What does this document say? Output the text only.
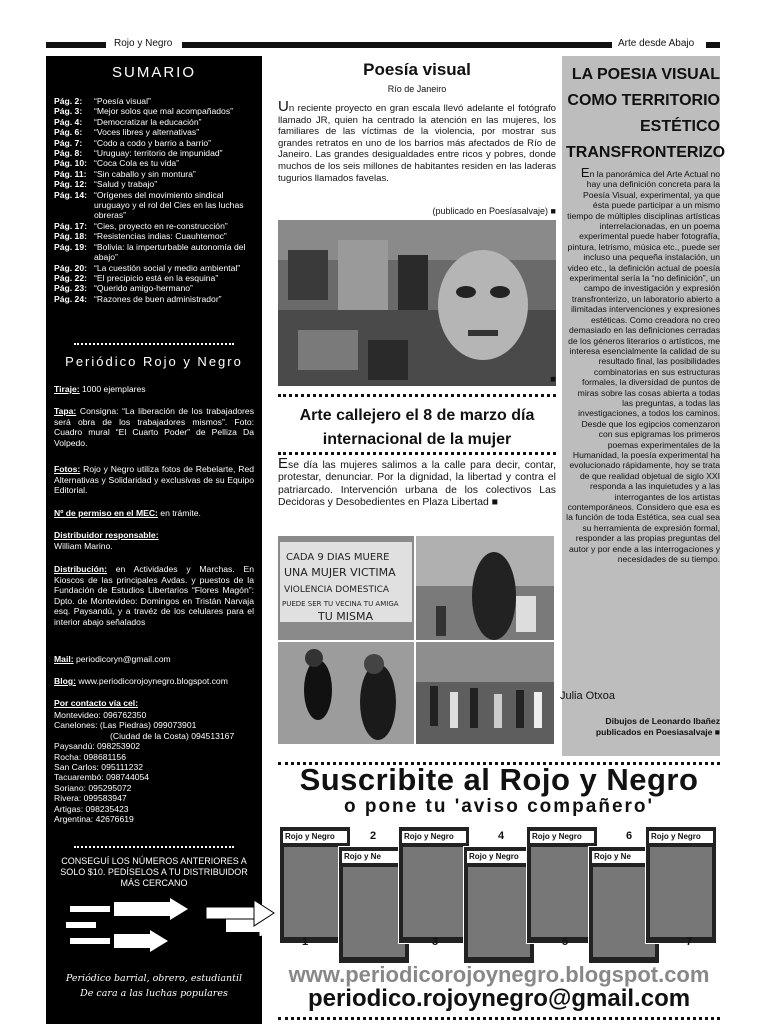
Rojo y Negro	Arte desde Abajo
SUMARIO
Pág. 2:	“Poesía visual”
Pág. 3:	“Mejor solos que mal acompañados”
Pág. 4:	“Democratizar la educación”
Pág. 6:	“Voces libres y alternativas”
Pág. 7:	“Codo a codo y barrio a barrio”
Pág. 8:	“Uruguay: territorio de impunidad”
Pág. 10: “Coca Cola es tu vida”
Pág. 11: “Sin caballo y sin montura”
Pág. 12: “Salud y trabajo”
Pág. 14: “Orígenes del movimiento sindical uruguayo y el rol del Cies en las luchas obreras”
Pág. 17: “Cies, proyecto en re-construcción”
Pág. 18: “Resistencias indias: Cuauhtemoc”
Pág. 19: “Bolivia: la imperturbable autonomía del abajo”
Pág. 20: “La cuestión social y medio ambiental”
Pág. 22: “El precipicio está en la esquina”
Pág. 23: “Querido amigo-hermano”
Pág. 24: “Razones de buen administrador”
Periódico Rojo y Negro
Tiraje: 1000 ejemplares
Tapa: Consigna: “La liberación de los trabajadores será obra de los trabajadores mismos”. Foto: Cuadro mural “El Cuarto Poder” de Pelliza Da Volpedo.
Fotos: Rojo y Negro utiliza fotos de Rebelarte, Red Alternativas y Solidaridad y exclusivas de su Equipo Editorial.
Nº de permiso en el MEC: en trámite.
Distribuidor responsable:
William Marino.
Distribución: en Actividades y Marchas. En Kioscos de las principales Avdas. y puestos de la Fundación de Estudios Libertarios “Flores Magón”: Dpto. de Montevideo: Domingos en Tristán Narvaja esq. Paysandú, y a travéz de los celulares para el interior abajo señalados
Mail: periodicoryn@gmail.com
Blog: www.periodicorojoynegro.blogspot.com
Por contacto vía cel:
Montevideo: 096762350
Canelones: (Las Piedras) 099073901
(Ciudad de la Costa) 094513167
Paysandú: 098253902
Rocha: 098681156
San Carlos: 095111232
Tacuarembó: 098744054
Soriano: 095295072
Rivera: 099583947
Artigas: 098235423
Argentina: 42676619
CONSEGUÍ LOS NÚMEROS ANTERIORES A SOLO $10. PEDÍSELOS A TU DISTRIBUIDOR MÁS CERCANO
Periódico barrial, obrero, estudiantil
De cara a las luchas populares
Poesía visual
Río de Janeiro
Un reciente proyecto en gran escala llevó adelante el fotógrafo llamado JR, quien ha centrado la atención en las mujeres, los familiares de las víctimas de la violencia, por mostrar sus grandes retratos en uno de los barrios más afectados de Río de Janeiro. Las grandes desigualdades entre ricos y pobres, donde muchos de los seis millones de habitantes residen en las laderas tugurios llamados favelas.
(publicado en Poesíasalvaje) ■
■
Arte callejero el 8 de marzo día internacional de la mujer
Ese día las mujeres salimos a la calle para decir, contar, protestar, denunciar. Por la dignidad, la libertad y contra el patriarcado. Intervención urbana de los colectivos Las Decidoras y Desobedientes en Plaza Libertad ■
CADA 9 DIAS MUERE
UNA MUJER VICTIMA
VIOLENCIA DOMESTICA
PUEDE SER TU VECINA TU AMIGA
TU MISMA
LA POESIA VISUAL COMO TERRITORIO ESTÉTICO TRANSFRONTERIZO
En la panorámica del Arte Actual no hay una definición concreta para la Poesía Visual, experimental, ya que ésta puede participar a un mismo tiempo de múltiples disciplinas artísticas interrelacionadas, en un poema experimental puede haber fotografía, pintura, letrismo, música etc., puede ser incluso una pequeña instalación, un video etc., la definición actual de poesía experimental sería la “no definición”, un campo de investigación y expresión transfronterizo, un laboratorio abierto a ilimitadas intervenciones y expresiones estéticas. Como creadora no creo demasiado en las definiciones cerradas de los géneros literarios o artísticos, me interesa esencialmente la calidad de su resultado final, las posibilidades combinatorias en sus estructuras formales, la diversidad de puntos de miras sobre las cosas abierta a todas las preguntas, a todas las investigaciones, a todos los caminos. Desde que los egipcios comenzaron con sus epigramas los primeros poemas experimentales de la Humanidad, la poesía experimental ha evolucionado rápidamente, hoy se trata de que realidad objetual de siglo XXI responda a las inquietudes y a las interrogantes de los artistas contemporáneos. Considero que esa es la función de toda Estética, sea cual sea su herramienta de expresión formal, responder a las propias preguntas del autor y por ende a las interrogaciones y necesidades de su tiempo.
Julia Otxoa
Dibujos de Leonardo Ibañez publicados en Poesiasalvaje ■
Suscribite al Rojo y Negro
o pone tu 'aviso compañero'
Rojo y Negro
1
Rojo y Ne
2	Rojo y Negro
3
Rojo y Negro
4	Rojo y Negro
5
Rojo y Ne
6 Rojo y Negro
7
www.periodicorojoynegro.blogspot.com
periodico.rojoynegro@gmail.com
